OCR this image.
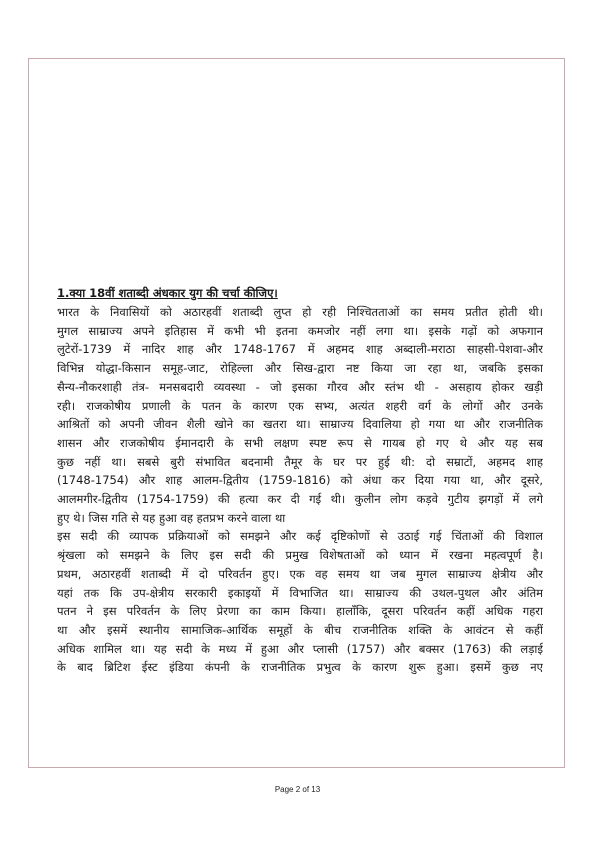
1.क्या 18वीं शताब्दी अंधकार युग की चर्चा कीजिए।
भारत के निवासियों को अठारहवीं शताब्दी लुप्त हो रही निश्चितताओं का समय प्रतीत होती थी।
मुगल साम्राज्य अपने इतिहास में कभी भी इतना कमजोर नहीं लगा था। इसके गढ़ों को अफगान
लुटेरों-1739 में नादिर शाह और 1748-1767 में अहमद शाह अब्दाली-मराठा साहसी-पेशवा-और
विभिन्न योद्धा-किसान समूह-जाट, रोहिल्ला और सिख-द्वारा नष्ट किया जा रहा था, जबकि इसका
सैन्य-नौकरशाही तंत्र- मनसबदारी व्यवस्था - जो इसका गौरव और स्तंभ थी - असहाय होकर खड़ी
रही। राजकोषीय प्रणाली के पतन के कारण एक सभ्य, अत्यंत शहरी वर्ग के लोगों और उनके
आश्रितों को अपनी जीवन शैली खोने का खतरा था। साम्राज्य दिवालिया हो गया था और राजनीतिक
शासन और राजकोषीय ईमानदारी के सभी लक्षण स्पष्ट रूप से गायब हो गए थे और यह सब
कुछ नहीं था। सबसे बुरी संभावित बदनामी तैमूर के घर पर हुई थी: दो सम्राटों, अहमद शाह
(1748-1754) और शाह आलम-द्वितीय (1759-1816) को अंधा कर दिया गया था, और दूसरे,
आलमगीर-द्वितीय (1754-1759) की हत्या कर दी गई थी। कुलीन लोग कड़वे गुटीय झगड़ों में लगे
हुए थे। जिस गति से यह हुआ वह हतप्रभ करने वाला था
इस सदी की व्यापक प्रक्रियाओं को समझने और कई दृष्टिकोणों से उठाई गई चिंताओं की विशाल
श्रृंखला को समझने के लिए इस सदी की प्रमुख विशेषताओं को ध्यान में रखना महत्वपूर्ण है।
प्रथम, अठारहवीं शताब्दी में दो परिवर्तन हुए। एक वह समय था जब मुगल साम्राज्य क्षेत्रीय और
यहां तक कि उप-क्षेत्रीय सरकारी इकाइयों में विभाजित था। साम्राज्य की उथल-पुथल और अंतिम
पतन ने इस परिवर्तन के लिए प्रेरणा का काम किया। हालाँकि, दूसरा परिवर्तन कहीं अधिक गहरा
था और इसमें स्थानीय सामाजिक-आर्थिक समूहों के बीच राजनीतिक शक्ति के आवंटन से कहीं
अधिक शामिल था। यह सदी के मध्य में हुआ और प्लासी (1757) और बक्सर (1763) की लड़ाई
के बाद ब्रिटिश ईस्ट इंडिया कंपनी के राजनीतिक प्रभुत्व के कारण शुरू हुआ। इसमें कुछ नए
Page 2 of 13
